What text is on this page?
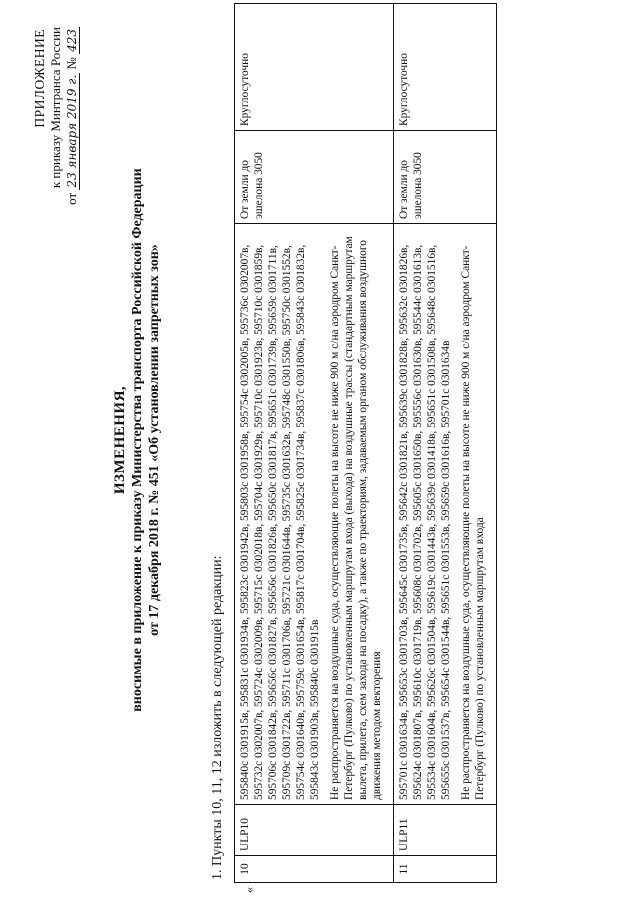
ПРИЛОЖЕНИЕ к приказу Минтранса России
от 23 января 2019 г. № 423
ИЗМЕНЕНИЯ, вносимые в приложение к приказу Министерства транспорта Российской Федерации от 17 декабря 2018 г. № 451 «Об установлении запретных зон»
1. Пункты 10, 11, 12 изложить в следующей редакции:
«
10	ULP10	595840с 0301915в, 595831с 0301934в, 595823с 0301942в, 595803с 0301958в, 595754с 0302005в, 595736с 0302007в, 595732с 0302007в, 595724с 0302009в, 595715с 0302018в, 595704с 0301929в, 595710с 0301923в, 595710с 0301859в, 595706с 0301842в, 595656с 0301827в, 595656с 0301826в, 595650с 0301817в, 595651с 0301739в, 595659с 0301711в, 595709с 0301722в, 595711с 0301706в, 595721с 0301644в, 595735с 0301632в, 595748с 0301550в, 595750с 0301552в, 595754с 0301640в, 595759с 0301654в, 595817с 0301704в, 595825с 0301734в, 595837с 0301806в, 595843с 0301832в, 595843с 0301903в, 595840с 0301915в Не распространяется на воздушные суда, осуществляющие полеты на высоте не ниже 900 м с/на аэродром Санкт-Петербург (Пулково) по установленным маршрутам входа (выхода) на воздушные трассы (стандартным маршрутам вылета, прилета, схем захода на посадку), а также по траекториям, задаваемым органом обслуживания воздушного движения методом векторения	От земли до эшелона 3050	Круглосуточно
11	ULP11	595701с 0301634в, 595653с 0301703в, 595645с 0301735в, 595642с 0301821в, 595639с 0301828в, 595632с 0301826в, 595624с 0301807в, 595610с 0301719в, 595608с 0301702в, 595605с 0301650в, 595556с 0301630в, 595544с 0301613в, 595534с 0301604в, 595626с 0301504в, 595619с 0301443в, 595639с 0301418в, 595651с 0301508в, 595648с 0301516в, 595655с 0301537в, 595654с 0301544в, 595651с 0301553в, 595659с 0301616в, 595701с 0301634в Не распространяется на воздушные суда, осуществляющие полеты на высоте не ниже 900 м с/на аэродром Санкт-Петербург (Пулково) по установленным маршрутам входа	От земли до эшелона 3050	Круглосуточно
